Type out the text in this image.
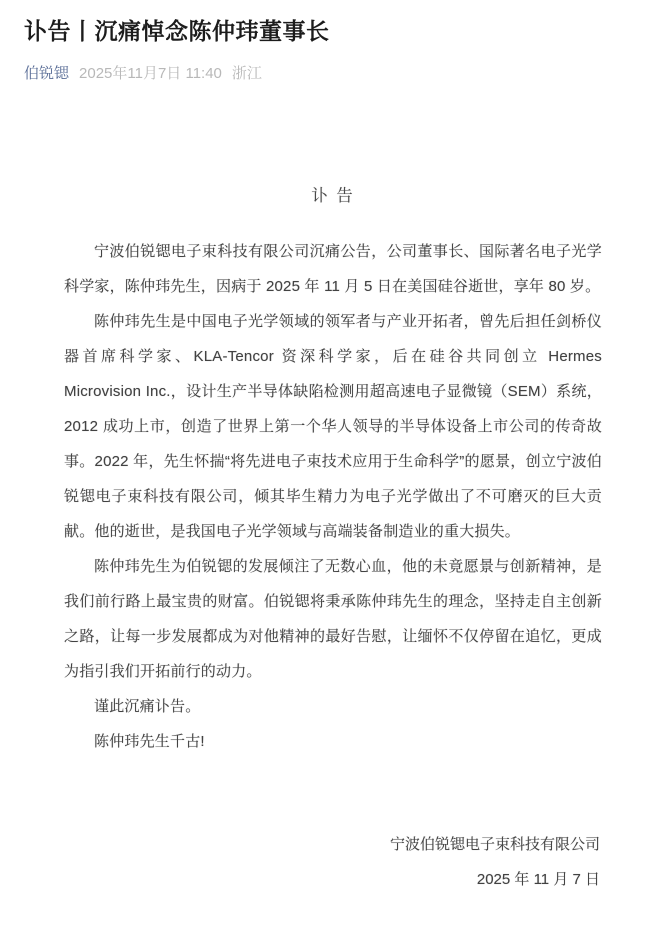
讣告丨沉痛悼念陈仲玮董事长
伯锐锶 2025年11月7日 11:40 浙江
讣 告

宁波伯锐锶电子束科技有限公司沉痛公告，公司董事长、国际著名电子光学科学家，陈仲玮先生，因病于 2025 年 11 月 5 日在美国硅谷逝世，享年 80 岁。

陈仲玮先生是中国电子光学领域的领军者与产业开拓者，曾先后担任剑桥仪器首席科学家、KLA-Tencor 资深科学家，后在硅谷共同创立 Hermes Microvision Inc.，设计生产半导体缺陷检测用超高速电子显微镜（SEM）系统，2012 成功上市，创造了世界上第一个华人领导的半导体设备上市公司的传奇故事。2022 年，先生怀揣“将先进电子束技术应用于生命科学”的愿景，创立宁波伯锐锶电子束科技有限公司，倾其毕生精力为电子光学做出了不可磨灭的巨大贡献。他的逝世，是我国电子光学领域与高端装备制造业的重大损失。

陈仲玮先生为伯锐锶的发展倾注了无数心血，他的未竟愿景与创新精神，是我们前行路上最宝贵的财富。伯锐锶将秉承陈仲玮先生的理念，坚持走自主创新之路，让每一步发展都成为对他精神的最好告慰，让缅怀不仅停留在追忆，更成为指引我们开拓前行的动力。

谨此沉痛讣告。

陈仲玮先生千古!

宁波伯锐锶电子束科技有限公司
2025 年 11 月 7 日
